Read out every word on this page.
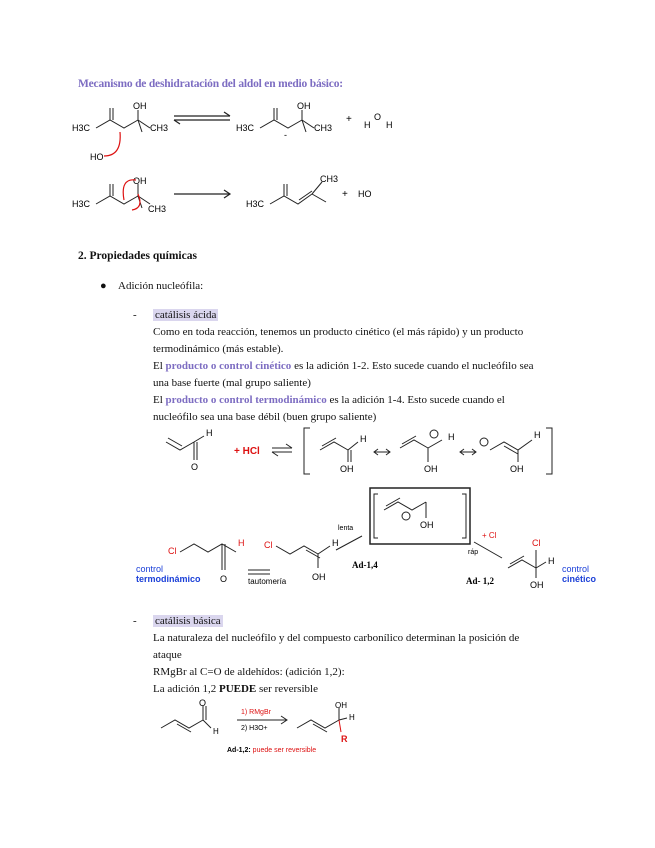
Mecanismo de deshidratación del aldol en medio básico:
H3C
OH
CH3
HO
H3C
-
OH
CH3
+ H
O
H
H3C
OH
CH3	H3C
CH3
+ HO
2. Propiedades químicas
● Adición nucleófila:
- catálisis ácida
Como en toda reacción, tenemos un producto cinético (el más rápido) y un producto
termodinámico (más estable).
El producto o control cinético es la adición 1-2. Esto sucede cuando el nucleófilo sea
una base fuerte (mal grupo saliente)
El producto o control termodinámico es la adición 1-4. Esto sucede cuando el
nucleófilo sea una base débil (buen grupo saliente)
H
O
+ HCl
H
OH
H
OH
H
OH
OH
lenta
Cl
H
O
control
termodinámico	tautomería
Cl	H
OH
Ad-1,4
+ Cl
ráp
Ad- 1,2
Cl
H
OH
control
cinético
- catálisis básica
La naturaleza del nucleófilo y del compuesto carbonílico determinan la posición de
ataque
RMgBr al C=O de aldehídos: (adición 1,2):
La adición 1,2 PUEDE ser reversible
O
H
1) RMgBr
2) H3O+
OH
H
R
Ad-1,2: puede ser reversible
